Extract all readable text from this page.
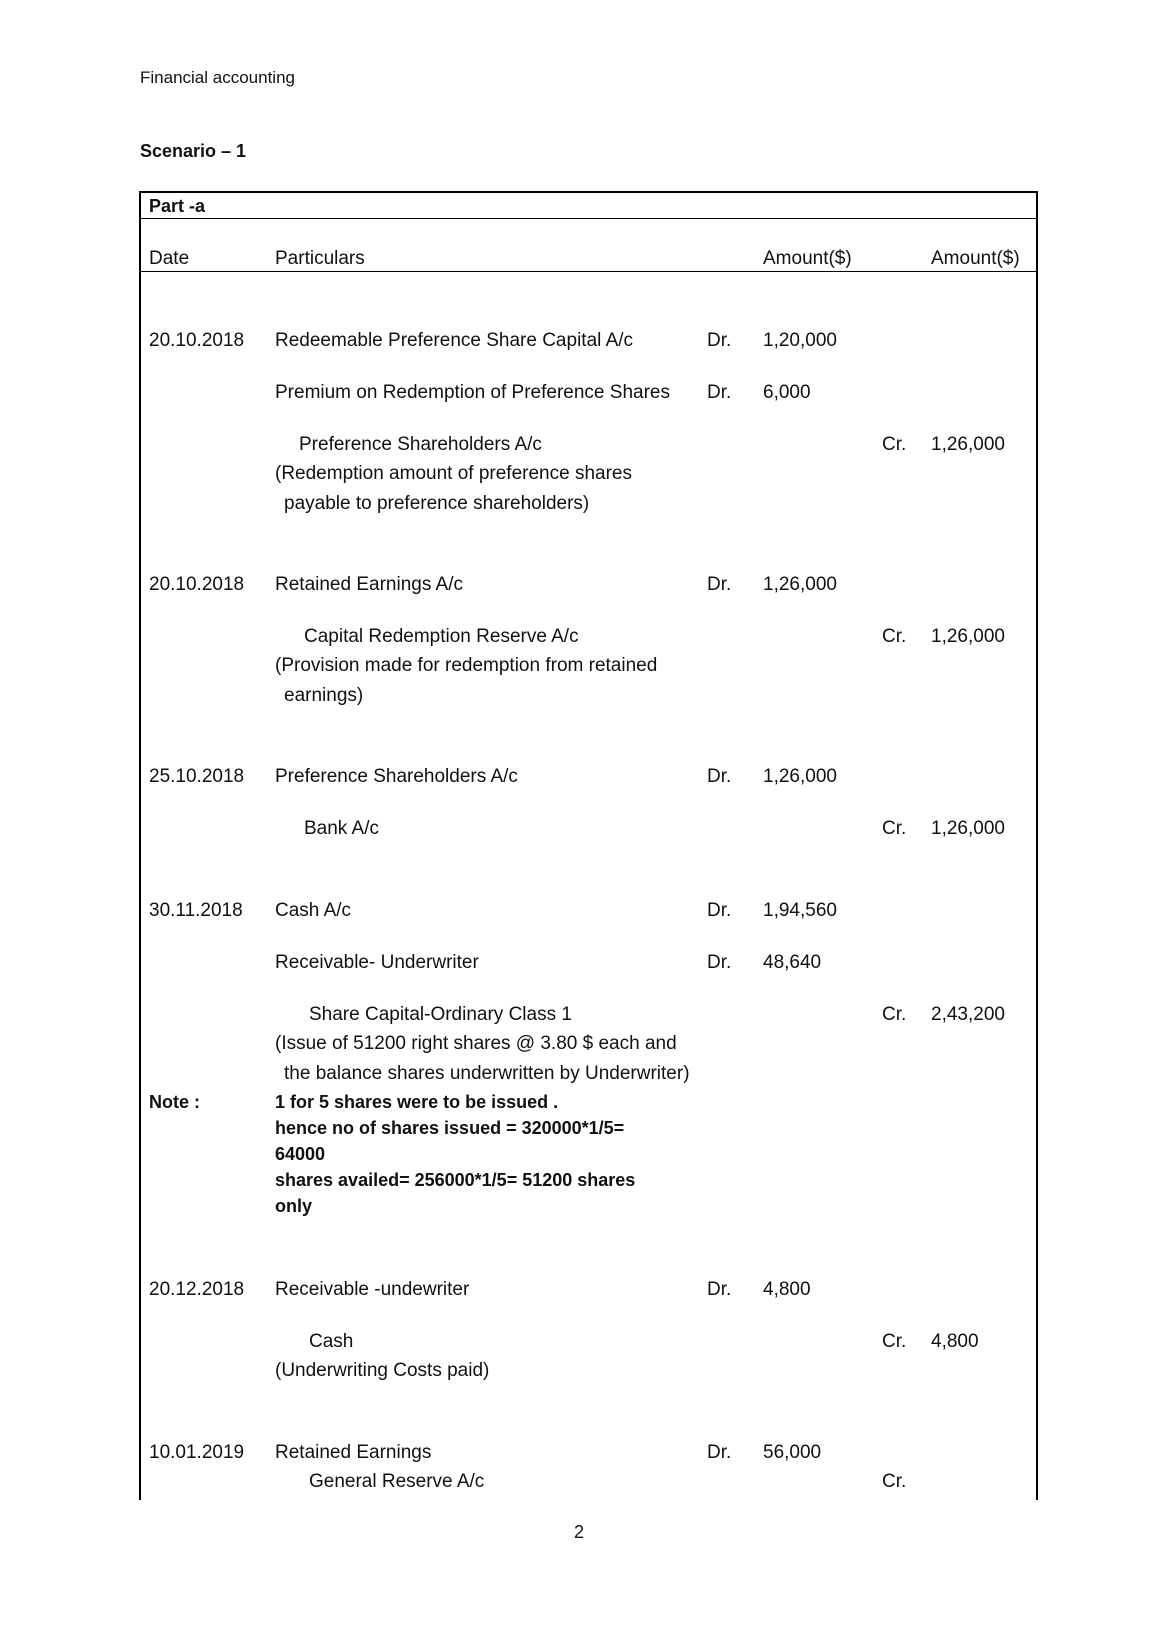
Financial accounting
Scenario – 1
Part -a
Date	Particulars	Amount($)	Amount($)
20.10.2018 Redeemable Preference Share Capital A/c	Dr. 1,20,000
Premium on Redemption of Preference Shares Dr. 6,000
Preference Shareholders A/c	Cr. 1,26,000
(Redemption amount of preference shares
payable to preference shareholders)
20.10.2018 Retained Earnings A/c	Dr. 1,26,000
Capital Redemption Reserve A/c	Cr. 1,26,000
(Provision made for redemption from retained
earnings)
25.10.2018 Preference Shareholders A/c	Dr. 1,26,000
Bank A/c	Cr. 1,26,000
30.11.2018 Cash A/c	Dr. 1,94,560
Receivable- Underwriter	Dr. 48,640
Share Capital-Ordinary Class 1	Cr. 2,43,200
(Issue of 51200 right shares @ 3.80 $ each and
the balance shares underwritten by Underwriter)
Note :	1 for 5 shares were to be issued .
hence no of shares issued = 320000*1/5=
64000
shares availed= 256000*1/5= 51200 shares
only
20.12.2018 Receivable -undewriter	Dr. 4,800
Cash	Cr. 4,800
(Underwriting Costs paid)
10.01.2019 Retained Earnings	Dr. 56,000
General Reserve A/c	Cr.
2
